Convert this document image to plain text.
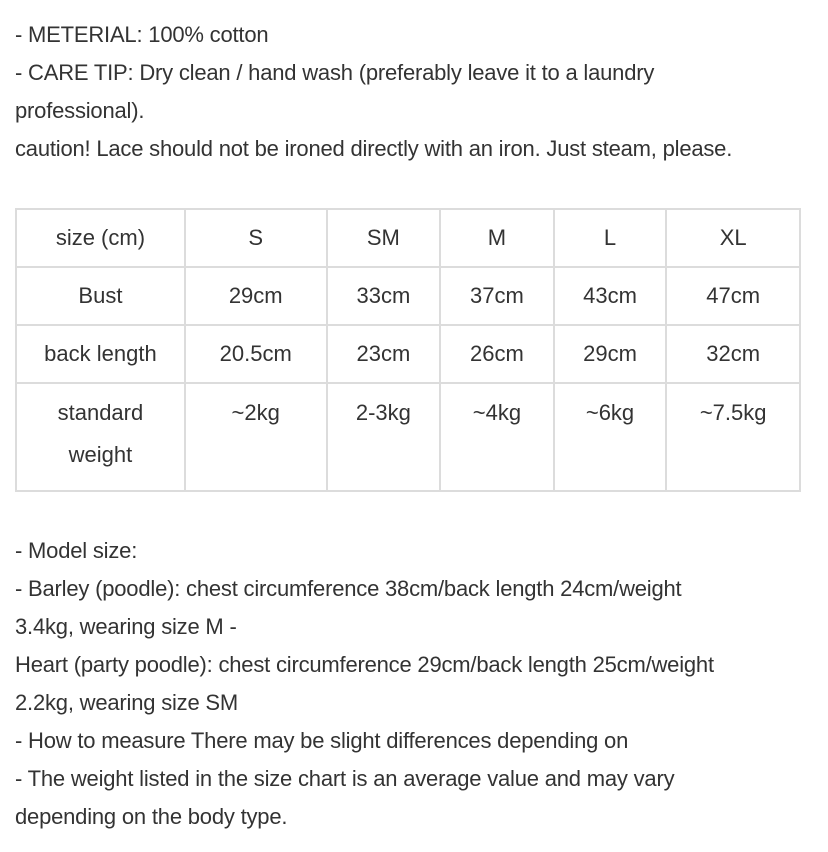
- METERIAL: 100% cotton

- CARE TIP: Dry clean / hand wash (preferably leave it to a laundry

professional).

caution! Lace should not be ironed directly with an iron. Just steam, please.

size (cm)	S	SM	M	L	XL
Bust	29cm	33cm	37cm	43cm	47cm
back length	20.5cm	23cm	26cm	29cm	32cm

standard
weight	~2kg	2-3kg	~4kg	~6kg	~7.5kg

- Model size:

- Barley (poodle): chest circumference 38cm/back length 24cm/weight

3.4kg, wearing size M -

Heart (party poodle): chest circumference 29cm/back length 25cm/weight

2.2kg, wearing size SM

- How to measure There may be slight differences depending on

- The weight listed in the size chart is an average value and may vary

depending on the body type.
